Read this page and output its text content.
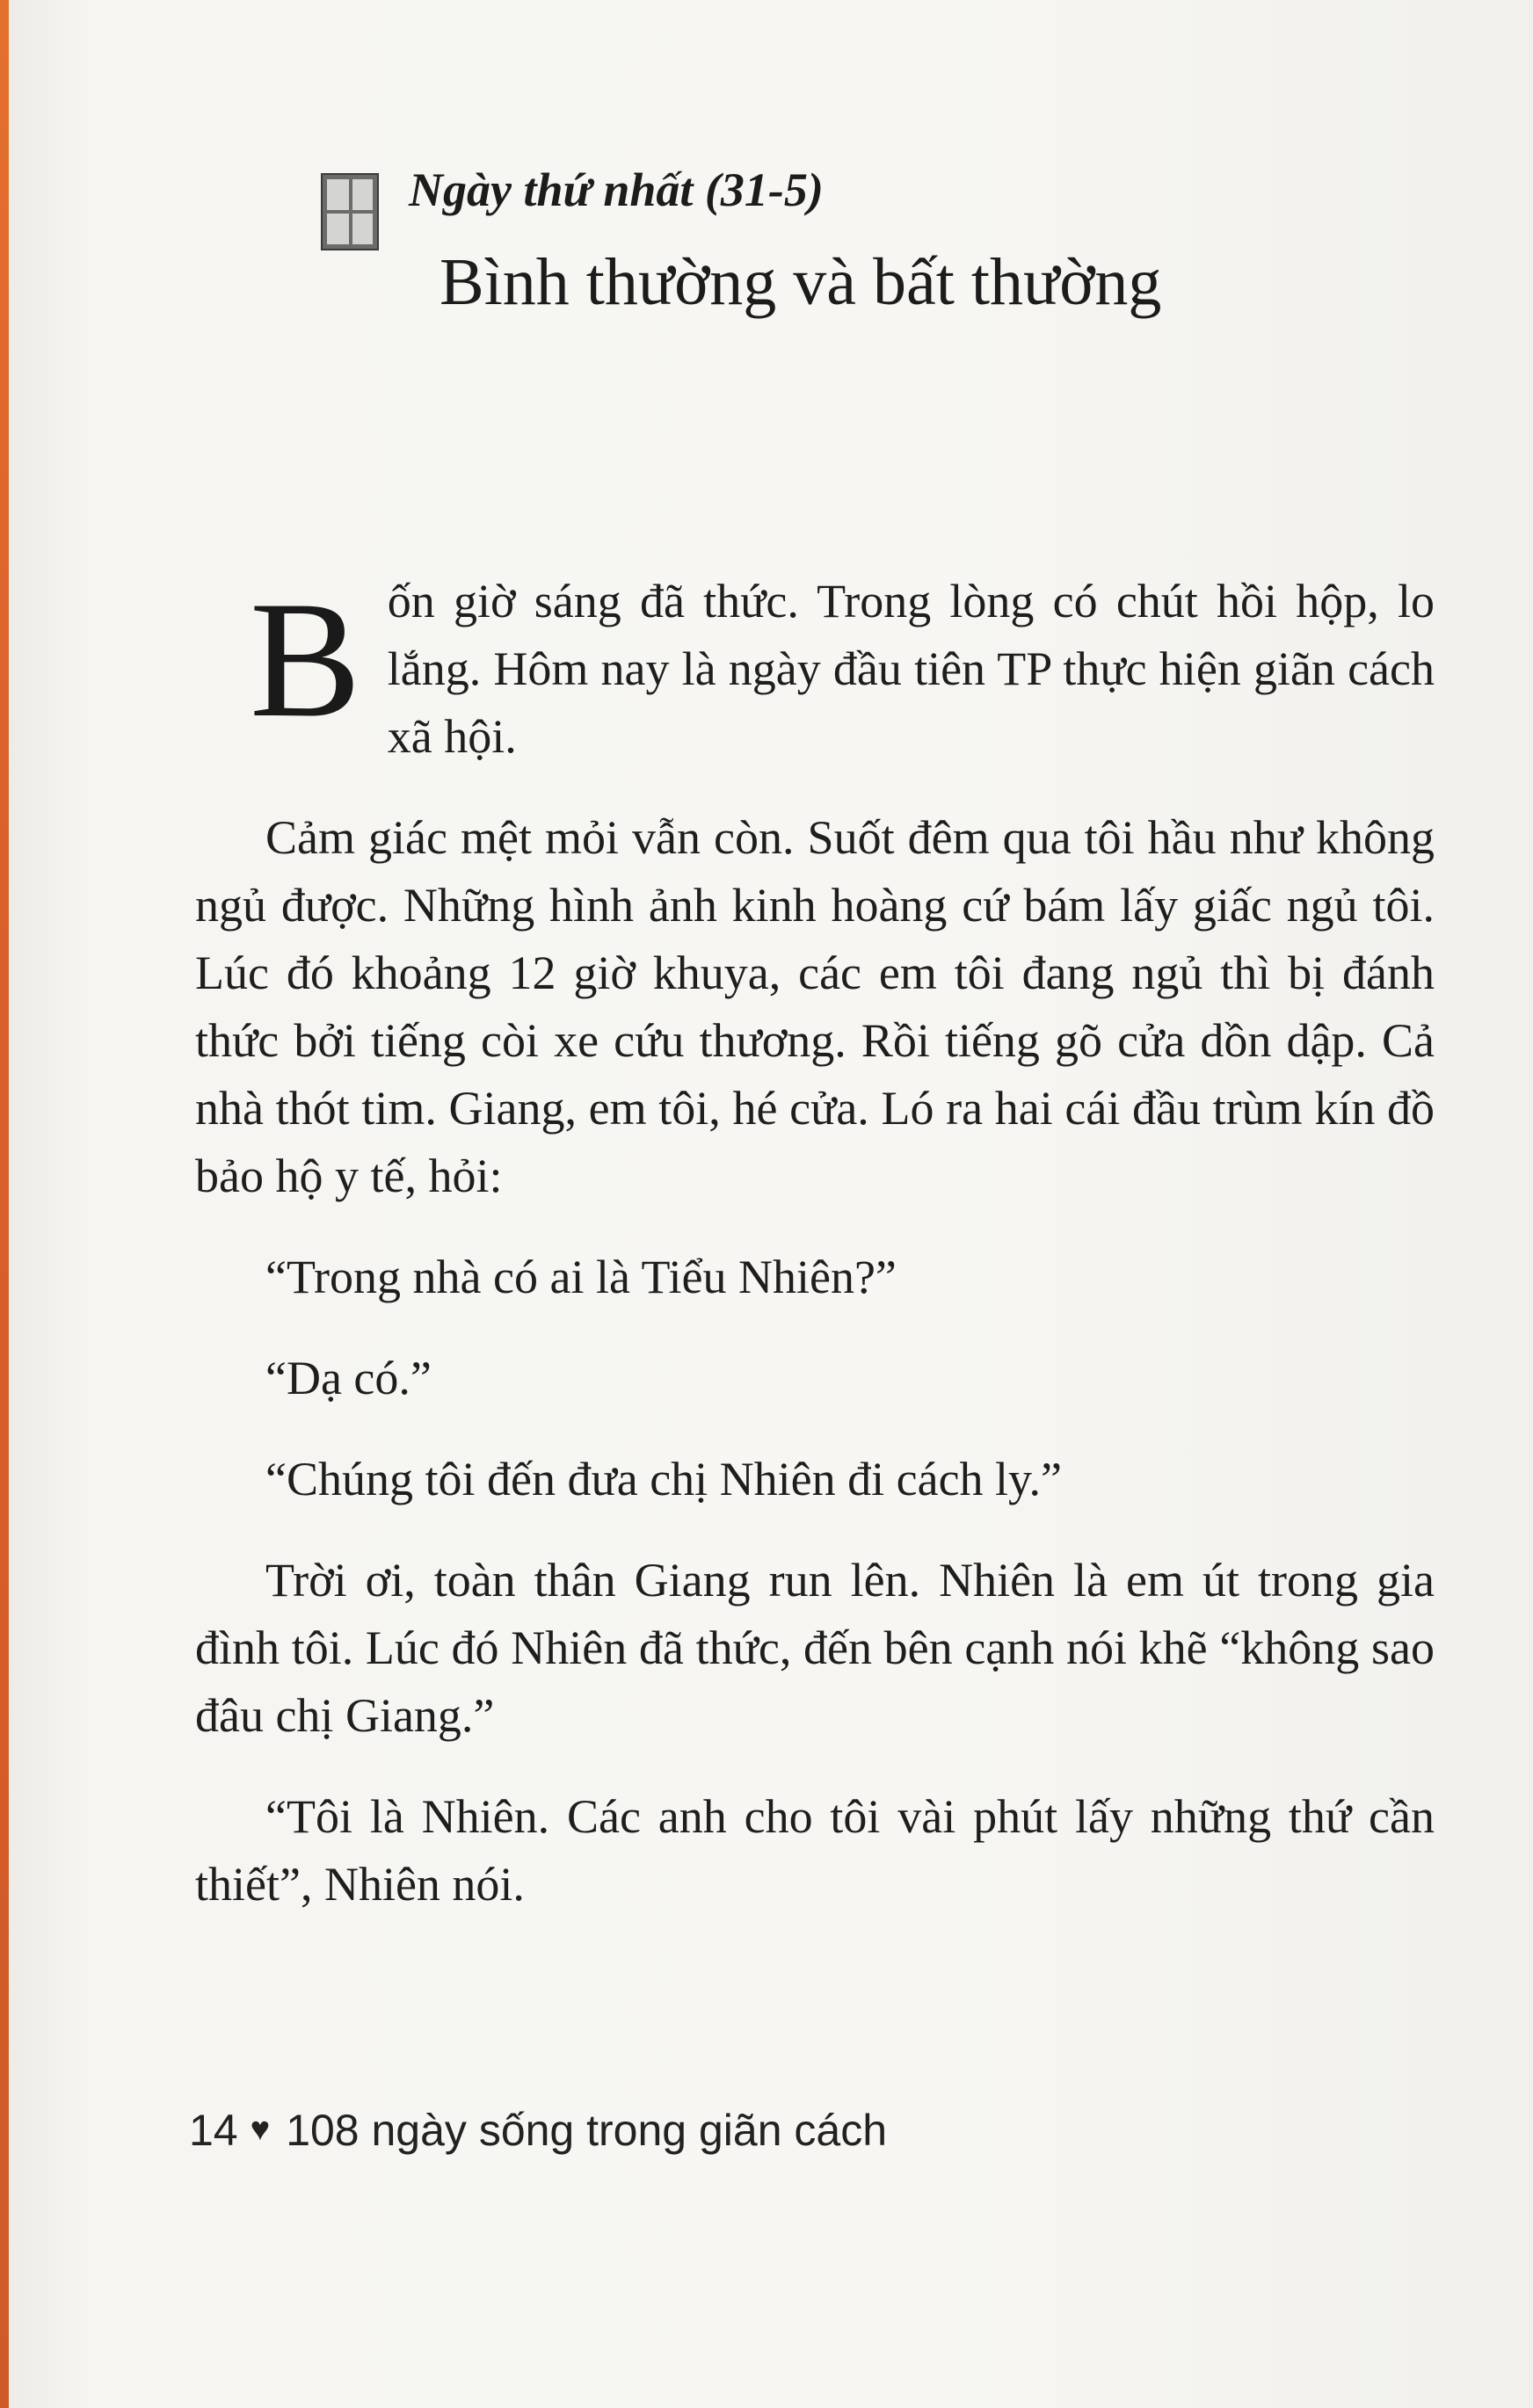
Ngày thứ nhất (31-5)
Bình thường và bất thường

B ốn giờ sáng đã thức. Trong lòng có chút hồi hộp, lo lắng. Hôm nay là ngày đầu tiên TP thực hiện giãn cách xã hội.

Cảm giác mệt mỏi vẫn còn. Suốt đêm qua tôi hầu như không ngủ được. Những hình ảnh kinh hoàng cứ bám lấy giấc ngủ tôi. Lúc đó khoảng 12 giờ khuya, các em tôi đang ngủ thì bị đánh thức bởi tiếng còi xe cứu thương. Rồi tiếng gõ cửa dồn dập. Cả nhà thót tim. Giang, em tôi, hé cửa. Ló ra hai cái đầu trùm kín đồ bảo hộ y tế, hỏi:

“Trong nhà có ai là Tiểu Nhiên?”

“Dạ có.”

“Chúng tôi đến đưa chị Nhiên đi cách ly.”

Trời ơi, toàn thân Giang run lên. Nhiên là em út trong gia đình tôi. Lúc đó Nhiên đã thức, đến bên cạnh nói khẽ “không sao đâu chị Giang.”

“Tôi là Nhiên. Các anh cho tôi vài phút lấy những thứ cần thiết”, Nhiên nói.

14 ♥ 108 ngày sống trong giãn cách
